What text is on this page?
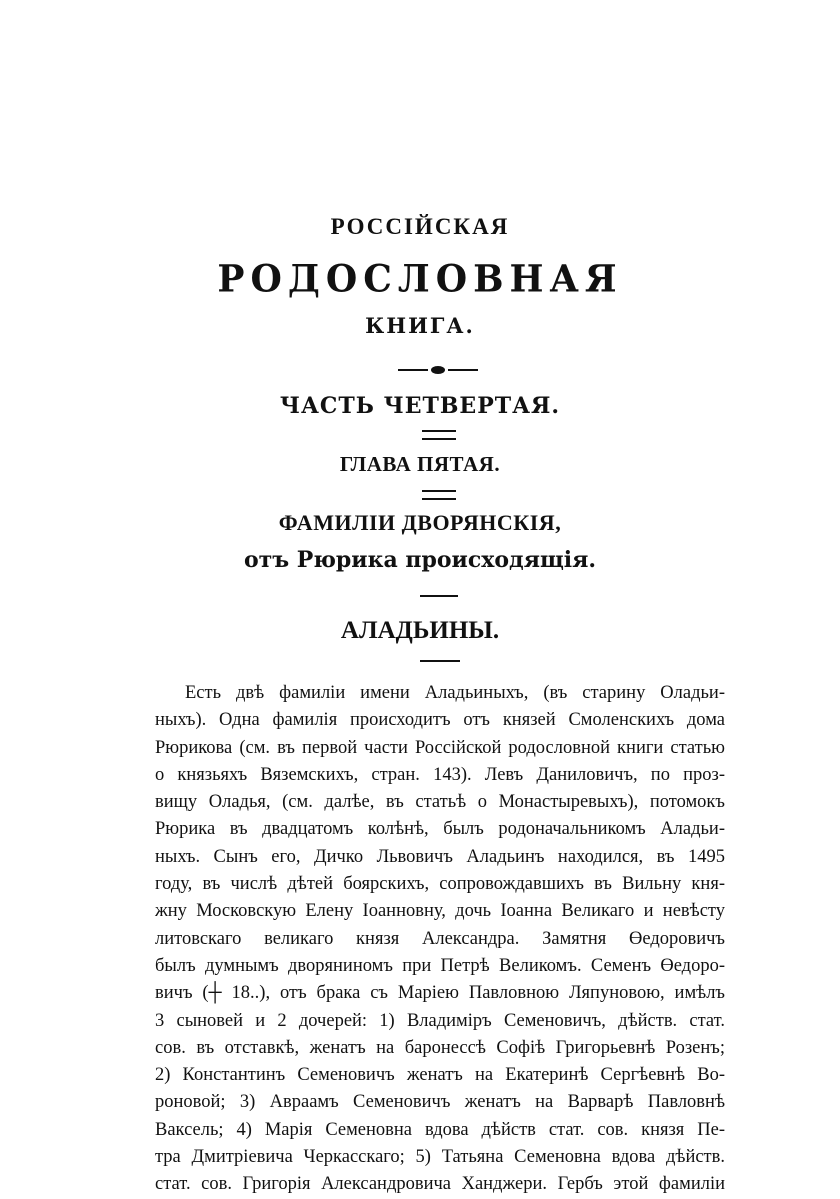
РОССІЙСКАЯ
РОДОСЛОВНАЯ
КНИГА.
ЧАСТЬ ЧЕТВЕРТАЯ.
ГЛАВА ПЯТАЯ.
ФАМИЛІИ ДВОРЯНСКІЯ,
отъ Рюрика происходящія.
АЛАДЬИНЫ.
Есть двѣ фамиліи имени Аладьиныхъ, (въ старину Оладьи-
ныхъ). Одна фамилія происходитъ отъ князей Смоленскихъ дома
Рюрикова (см. въ первой части Россійской родословной книги статью
о князьяхъ Вяземскихъ, стран. 143). Левъ Даниловичъ, по проз-
вищу Оладья, (см. далѣе, въ статьѣ о Монастыревыхъ), потомокъ
Рюрика въ двадцатомъ колѣнѣ, былъ родоначальникомъ Аладьи-
ныхъ. Сынъ его, Дичко Львовичъ Аладьинъ находился, въ 1495
году, въ числѣ дѣтей боярскихъ, сопровождавшихъ въ Вильну кня-
жну Московскую Елену Іоанновну, дочь Іоанна Великаго и невѣсту
литовскаго великаго князя Александра. Замятня Өедоровичъ
былъ думнымъ дворяниномъ при Петрѣ Великомъ. Семенъ Өедоро-
вичъ (┼ 18..), отъ брака съ Маріею Павловною Ляпуновою, имѣлъ
3 сыновей и 2 дочерей: 1) Владиміръ Семеновичъ, дѣйств. стат.
сов. въ отставкѣ, женатъ на баронессѣ Софіѣ Григорьевнѣ Розенъ;
2) Константинъ Семеновичъ женатъ на Екатеринѣ Сергѣевнѣ Во-
роновой; 3) Авраамъ Семеновичъ женатъ на Варварѣ Павловнѣ
Ваксель; 4) Марія Семеновна вдова дѣйств стат. сов. князя Пе-
тра Дмитріевича Черкасскаго; 5) Татьяна Семеновна вдова дѣйств.
стат. сов. Григорія Александровича Ханджери. Гербъ этой фамиліи
